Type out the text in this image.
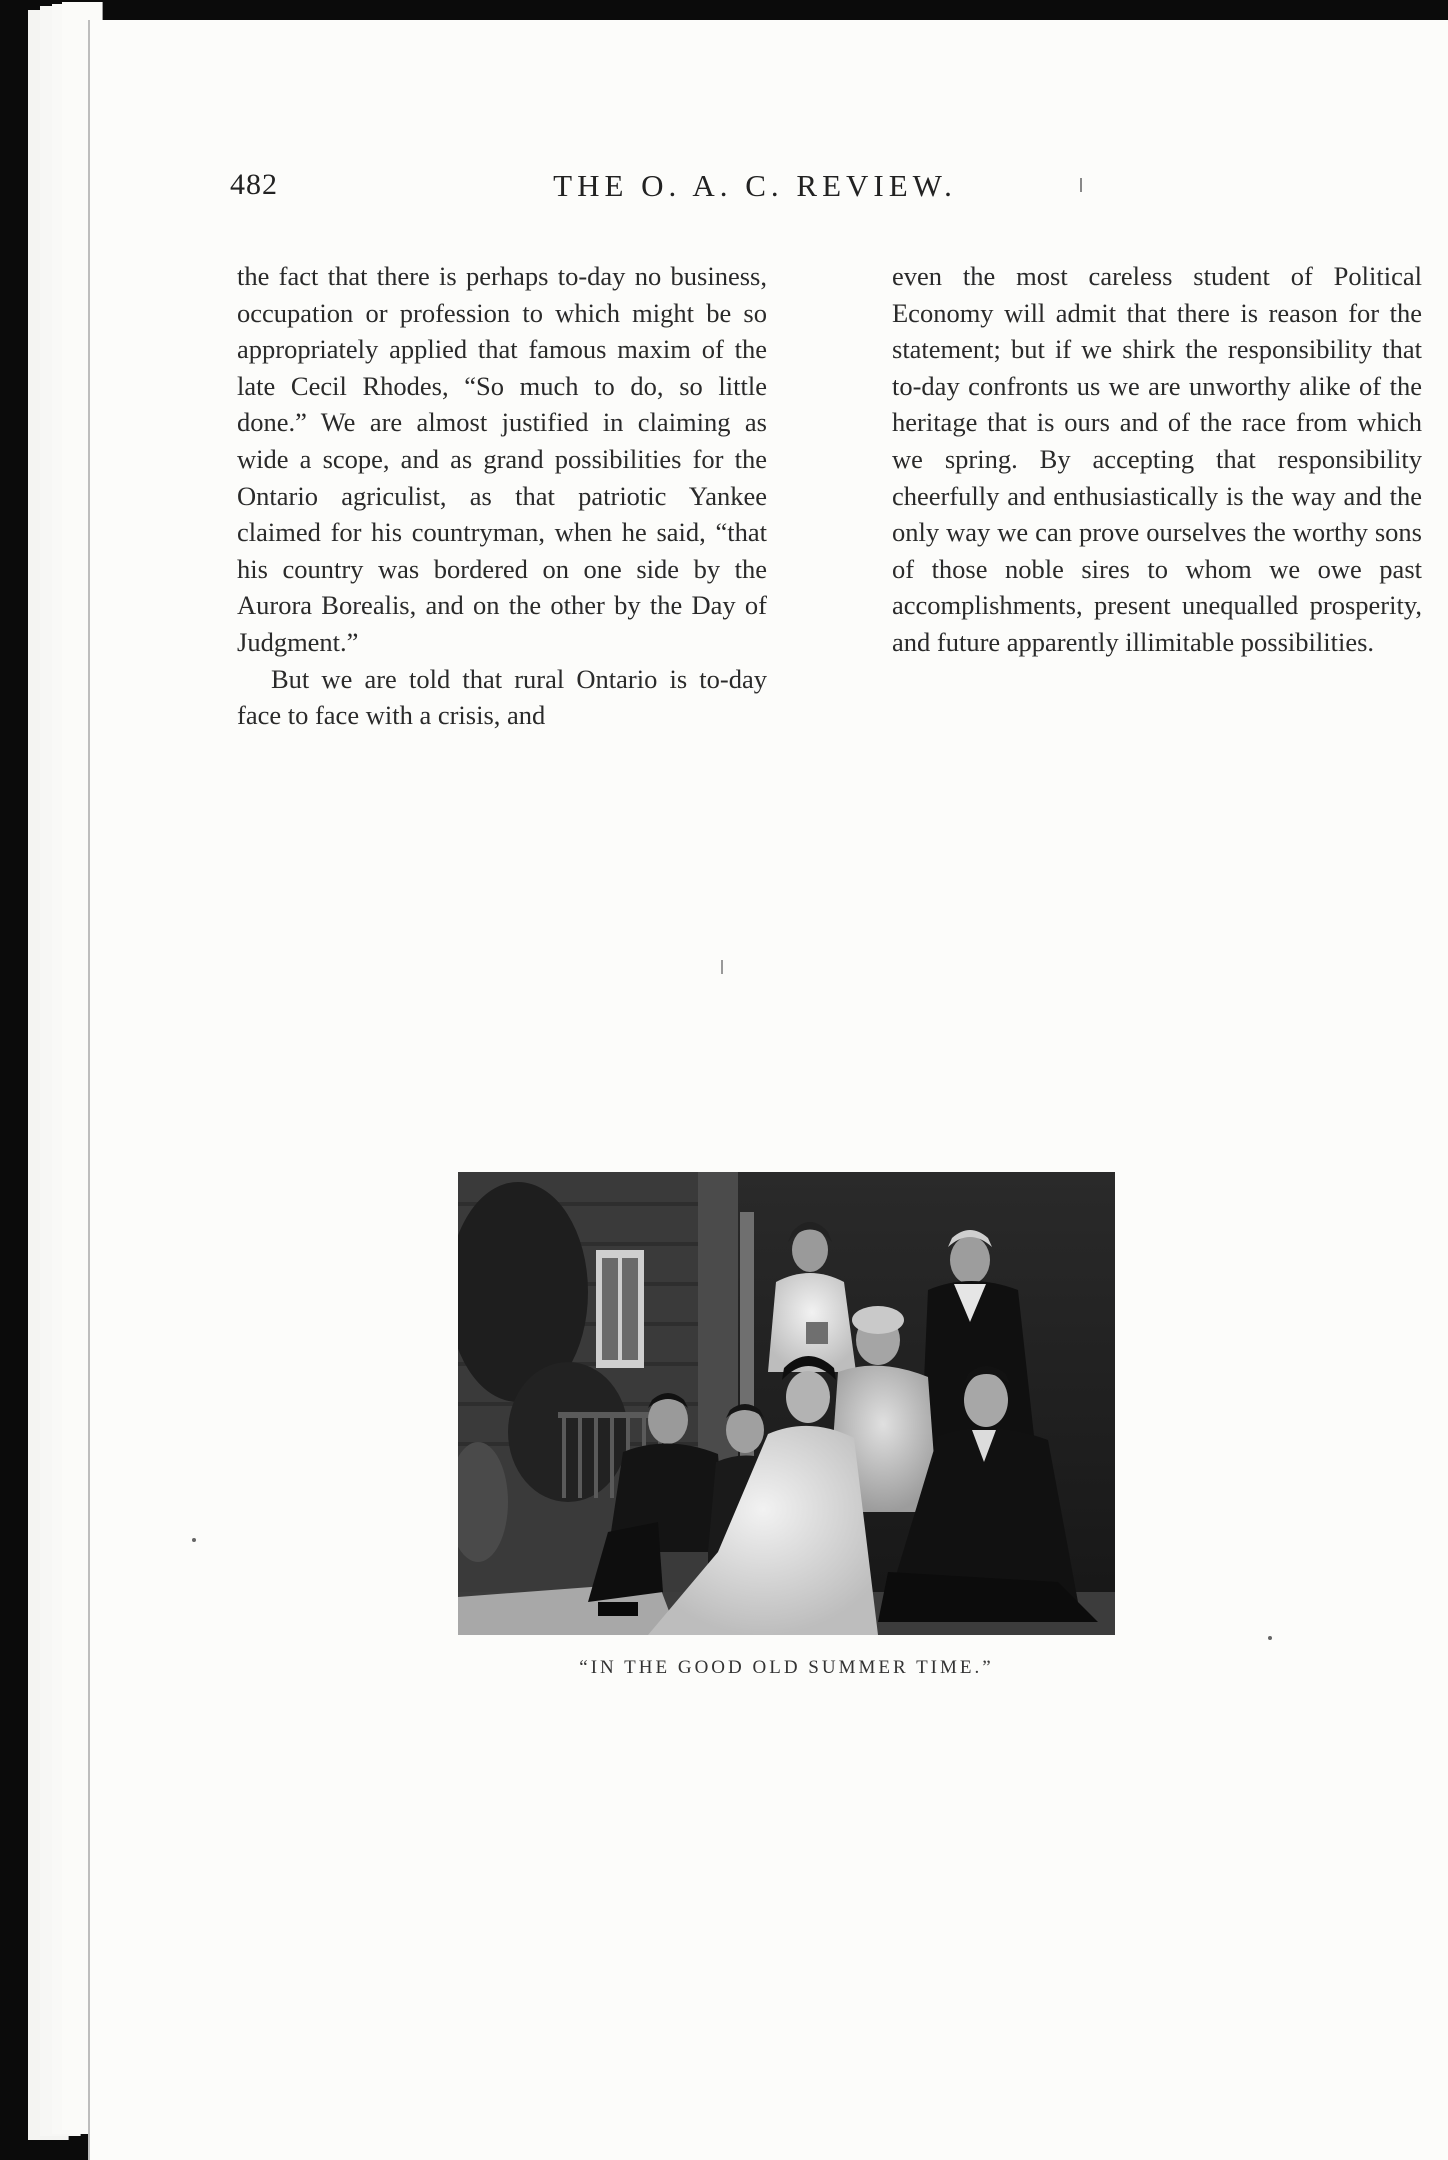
482	THE O. A. C. REVIEW.

the fact that there is perhaps to-day no business, occupation or profession to which might be so appropriately applied that famous maxim of the late Cecil Rhodes, “So much to do, so little done.” We are almost justified in claiming as wide a scope, and as grand possibilities for the Ontario agriculist, as that patriotic Yankee claimed for his countryman, when he said, “that his country was bordered on one side by the Aurora Borealis, and on the other by the Day of Judgment.”

But we are told that rural Ontario is to-day face to face with a crisis, and

even the most careless student of Political Economy will admit that there is reason for the statement; but if we shirk the responsibility that to-day confronts us we are unworthy alike of the heritage that is ours and of the race from which we spring. By accepting that responsibility cheerfully and enthusiastically is the way and the only way we can prove ourselves the worthy sons of those noble sires to whom we owe past accomplishments, present unequalled prosperity, and future apparently illimitable possibilities.

“IN THE GOOD OLD SUMMER TIME.”
